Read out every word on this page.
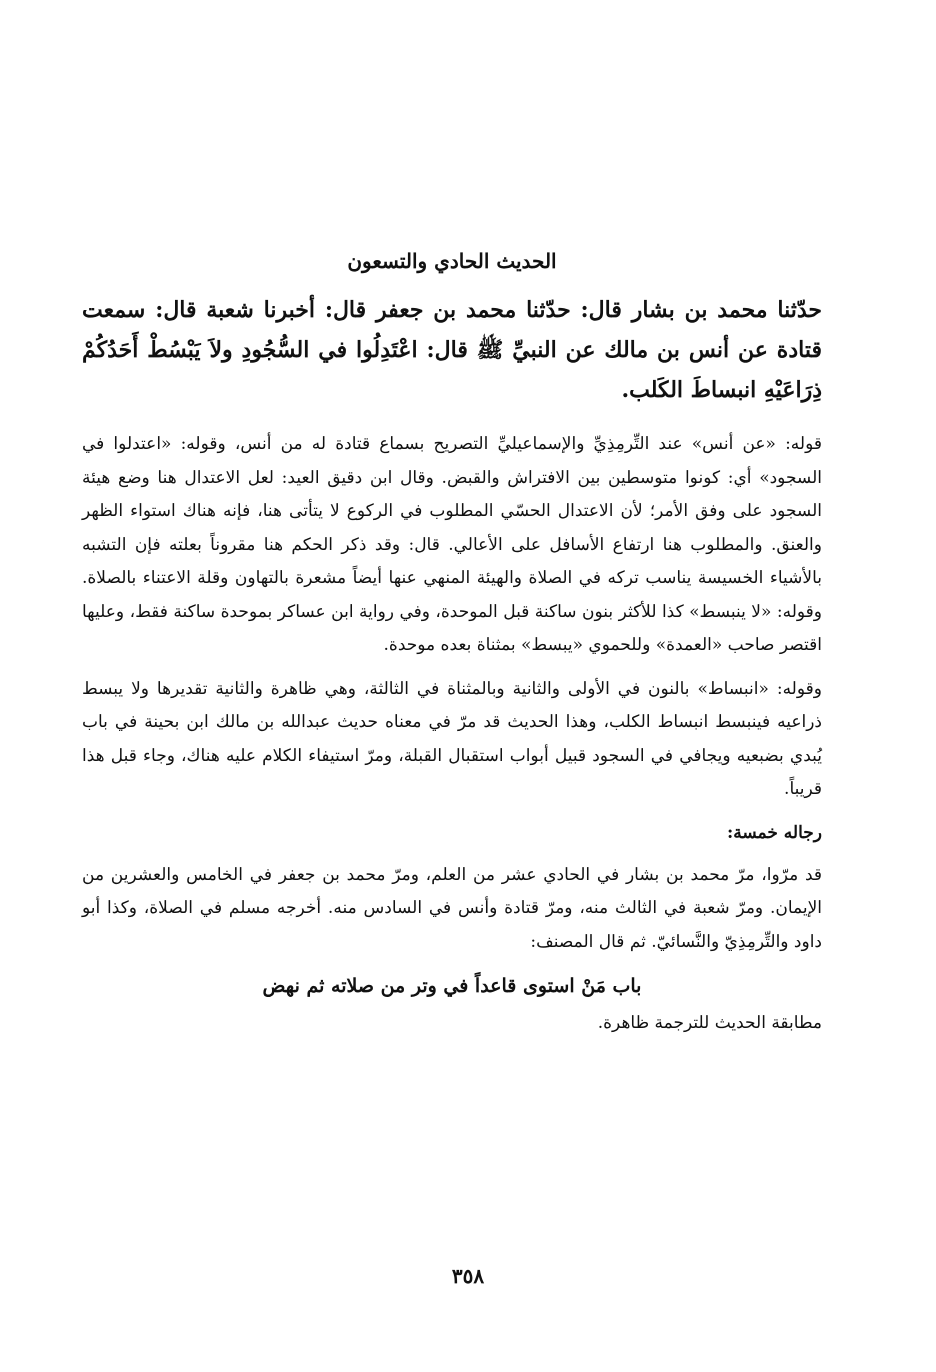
الحديث الحادي والتسعون
حدّثنا محمد بن بشار قال: حدّثنا محمد بن جعفر قال: أخبرنا شعبة قال: سمعت قتادة عن أنس بن مالك عن النبيِّ ﷺ قال: اعْتَدِلُوا في السُّجُودِ ولاَ يَبْسُطْ أَحَدُكُمْ ذِرَاعَيْهِ انبساطَ الكَلب.
قوله: «عن أنس» عند التِّرمِذِيِّ والإسماعيليِّ التصريح بسماع قتادة له من أنس، وقوله: «اعتدلوا في السجود» أي: كونوا متوسطين بين الافتراش والقبض. وقال ابن دقيق العيد: لعل الاعتدال هنا وضع هيئة السجود على وفق الأمر؛ لأن الاعتدال الحسّي المطلوب في الركوع لا يتأتى هنا، فإنه هناك استواء الظهر والعنق. والمطلوب هنا ارتفاع الأسافل على الأعالي. قال: وقد ذكر الحكم هنا مقروناً بعلته فإن التشبه بالأشياء الخسيسة يناسب تركه في الصلاة والهيئة المنهي عنها أيضاً مشعرة بالتهاون وقلة الاعتناء بالصلاة. وقوله: «لا ينبسط» كذا للأكثر بنون ساكنة قبل الموحدة، وفي رواية ابن عساكر بموحدة ساكنة فقط، وعليها اقتصر صاحب «العمدة» وللحموي «يبسط» بمثناة بعده موحدة.
وقوله: «انبساط» بالنون في الأولى والثانية وبالمثناة في الثالثة، وهي ظاهرة والثانية تقديرها ولا يبسط ذراعيه فينبسط انبساط الكلب، وهذا الحديث قد مرّ في معناه حديث عبدالله بن مالك ابن بحينة في باب يُبدي بضبعيه ويجافي في السجود قبيل أبواب استقبال القبلة، ومرّ استيفاء الكلام عليه هناك، وجاء قبل هذا قريباً.
رجاله خمسة:
قد مرّوا، مرّ محمد بن بشار في الحادي عشر من العلم، ومرّ محمد بن جعفر في الخامس والعشرين من الإيمان. ومرّ شعبة في الثالث منه، ومرّ قتادة وأنس في السادس منه. أخرجه مسلم في الصلاة، وكذا أبو داود والتِّرمِذِيّ والنَّسائيّ. ثم قال المصنف:
باب مَنْ استوى قاعداً في وتر من صلاته ثم نهض
مطابقة الحديث للترجمة ظاهرة.
٣٥٨
